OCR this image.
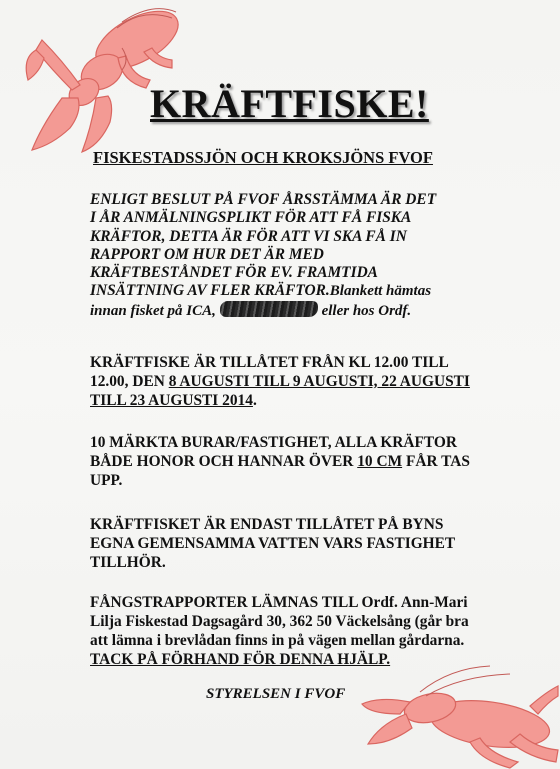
KRÄFTFISKE!
FISKESTADSSJÖN OCH KROKSJÖNS FVOF
ENLIGT BESLUT PÅ FVOF ÅRSSTÄMMA ÄR DET
I ÅR ANMÄLNINGSPLIKT FÖR ATT FÅ FISKA
KRÄFTOR, DETTA ÄR FÖR ATT VI SKA FÅ IN
RAPPORT OM HUR DET ÄR MED
KRÄFTBESTÅNDET FÖR EV. FRAMTIDA
INSÄTTNING AV FLER KRÄFTOR.Blankett hämtas
innan fisket på ICA,	eller hos Ordf.
KRÄFTFISKE ÄR TILLÅTET FRÅN KL 12.00 TILL
12.00, DEN 8 AUGUSTI TILL 9 AUGUSTI, 22 AUGUSTI
TILL 23 AUGUSTI 2014.
10 MÄRKTA BURAR/FASTIGHET, ALLA KRÄFTOR
BÅDE HONOR OCH HANNAR ÖVER 10 CM FÅR TAS
UPP.
KRÄFTFISKET ÄR ENDAST TILLÅTET PÅ BYNS
EGNA GEMENSAMMA VATTEN VARS FASTIGHET
TILLHÖR.
FÅNGSTRAPPORTER LÄMNAS TILL Ordf. Ann-Mari
Lilja Fiskestad Dagsagård 30, 362 50 Väckelsång (går bra
att lämna i brevlådan finns in på vägen mellan gårdarna.
TACK PÅ FÖRHAND FÖR DENNA HJÄLP.
STYRELSEN I FVOF
